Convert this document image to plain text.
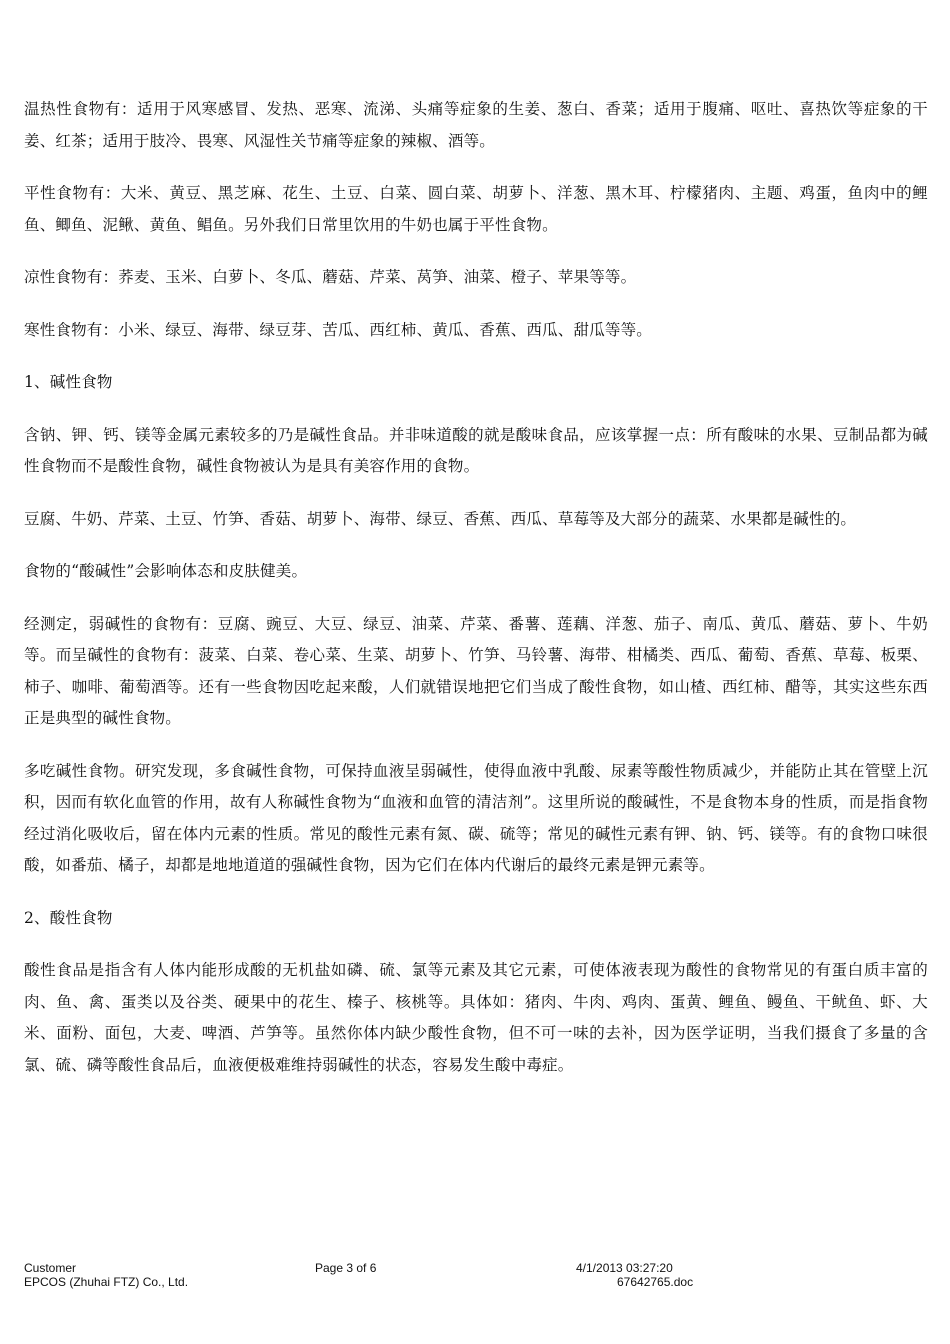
温热性食物有：适用于风寒感冒、发热、恶寒、流涕、头痛等症象的生姜、葱白、香菜；适用于腹痛、呕吐、喜热饮等症象的干姜、红茶；适用于肢冷、畏寒、风湿性关节痛等症象的辣椒、酒等。

平性食物有：大米、黄豆、黑芝麻、花生、土豆、白菜、圆白菜、胡萝卜、洋葱、黑木耳、柠檬猪肉、主题、鸡蛋，鱼肉中的鲤鱼、鲫鱼、泥鳅、黄鱼、鲳鱼。另外我们日常里饮用的牛奶也属于平性食物。

凉性食物有：荞麦、玉米、白萝卜、冬瓜、蘑菇、芹菜、莴笋、油菜、橙子、苹果等等。

寒性食物有：小米、绿豆、海带、绿豆芽、苦瓜、西红柿、黄瓜、香蕉、西瓜、甜瓜等等。

1、碱性食物

含钠、钾、钙、镁等金属元素较多的乃是碱性食品。并非味道酸的就是酸味食品，应该掌握一点：所有酸味的水果、豆制品都为碱性食物而不是酸性食物，碱性食物被认为是具有美容作用的食物。

豆腐、牛奶、芹菜、土豆、竹笋、香菇、胡萝卜、海带、绿豆、香蕉、西瓜、草莓等及大部分的蔬菜、水果都是碱性的。

食物的“酸碱性”会影响体态和皮肤健美。

经测定，弱碱性的食物有：豆腐、豌豆、大豆、绿豆、油菜、芹菜、番薯、莲藕、洋葱、茄子、南瓜、黄瓜、蘑菇、萝卜、牛奶等。而呈碱性的食物有：菠菜、白菜、卷心菜、生菜、胡萝卜、竹笋、马铃薯、海带、柑橘类、西瓜、葡萄、香蕉、草莓、板栗、柿子、咖啡、葡萄酒等。还有一些食物因吃起来酸，人们就错误地把它们当成了酸性食物，如山楂、西红柿、醋等，其实这些东西正是典型的碱性食物。

多吃碱性食物。研究发现，多食碱性食物，可保持血液呈弱碱性，使得血液中乳酸、尿素等酸性物质减少，并能防止其在管壁上沉积，因而有软化血管的作用，故有人称碱性食物为“血液和血管的清洁剂”。这里所说的酸碱性，不是食物本身的性质，而是指食物经过消化吸收后，留在体内元素的性质。常见的酸性元素有氮、碳、硫等；常见的碱性元素有钾、钠、钙、镁等。有的食物口味很酸，如番茄、橘子，却都是地地道道的强碱性食物，因为它们在体内代谢后的最终元素是钾元素等。

2、酸性食物

酸性食品是指含有人体内能形成酸的无机盐如磷、硫、氯等元素及其它元素，可使体液表现为酸性的食物常见的有蛋白质丰富的肉、鱼、禽、蛋类以及谷类、硬果中的花生、榛子、核桃等。具体如：猪肉、牛肉、鸡肉、蛋黄、鲤鱼、鳗鱼、干鱿鱼、虾、大米、面粉、面包，大麦、啤酒、芦笋等。虽然你体内缺少酸性食物，但不可一味的去补，因为医学证明，当我们摄食了多量的含氯、硫、磷等酸性食品后，血液便极难维持弱碱性的状态，容易发生酸中毒症。

Customer
EPCOS (Zhuhai FTZ) Co., Ltd.
Page 3 of 6	4/1/2013 03:27:20
67642765.doc
